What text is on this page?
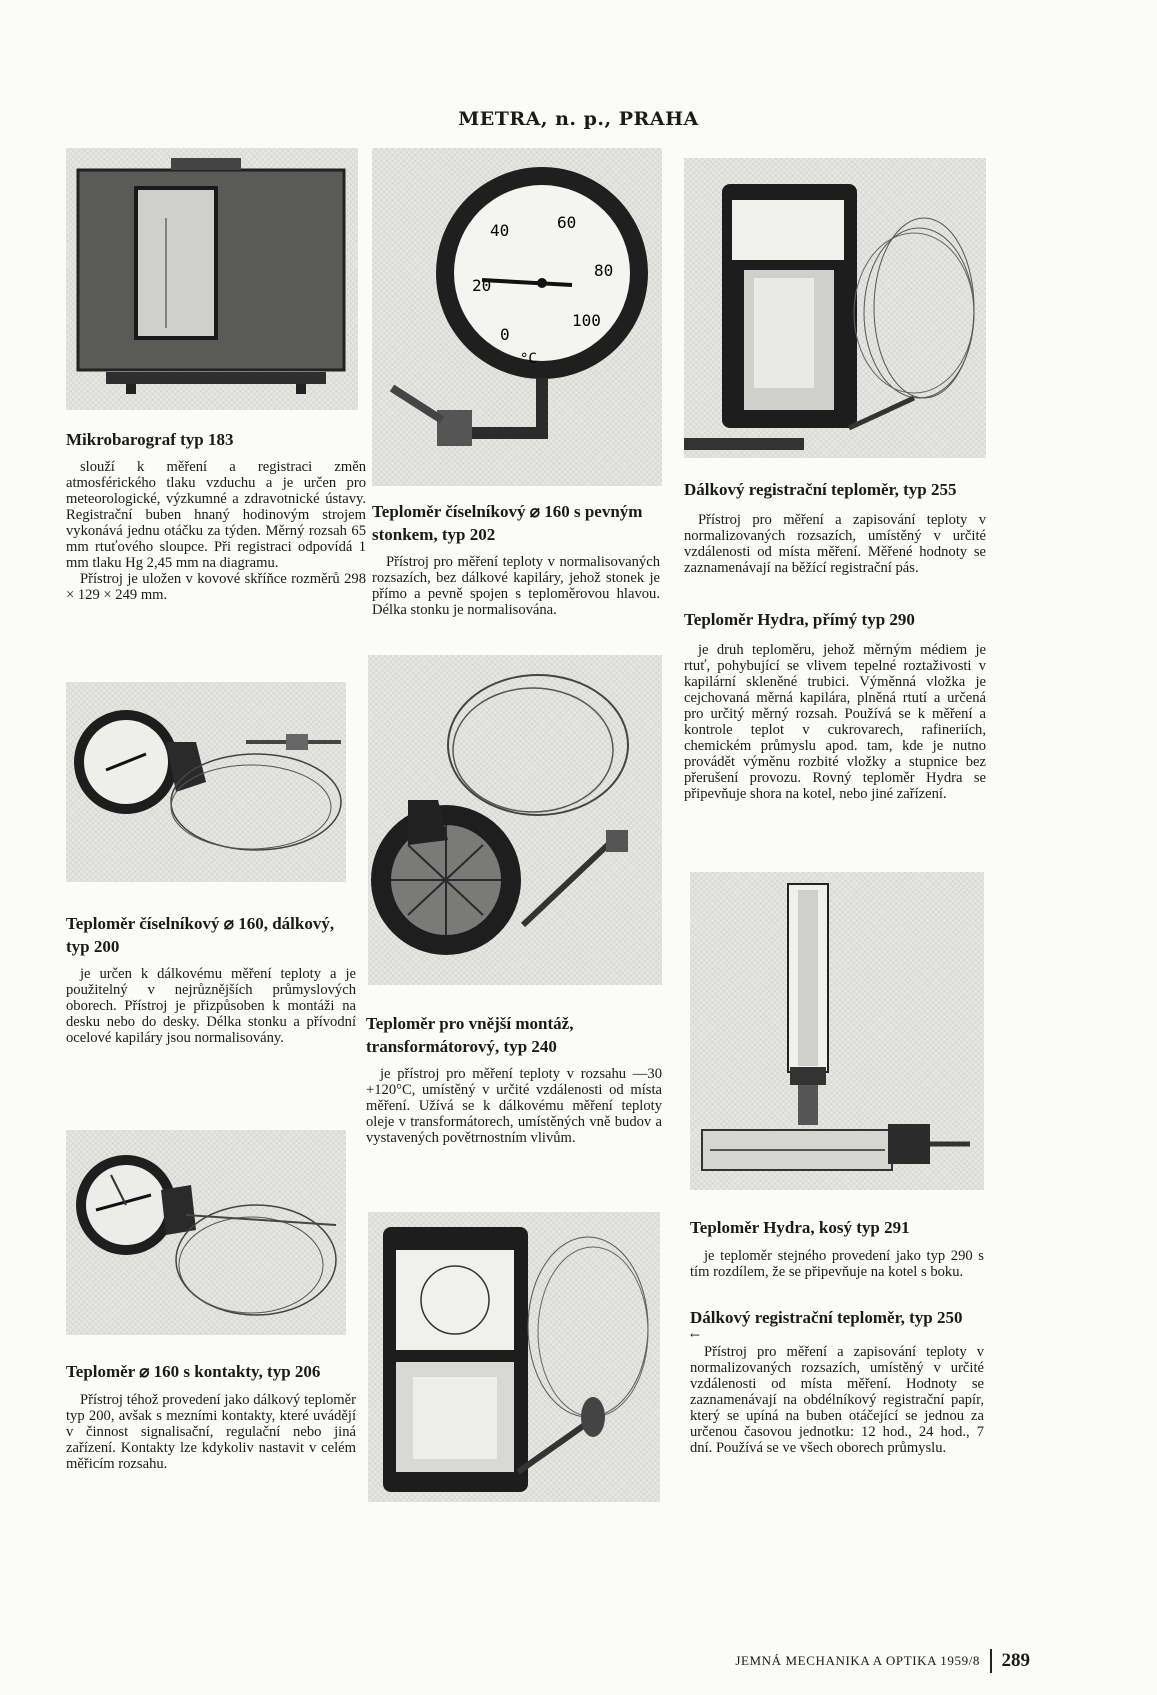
METRA, n. p., PRAHA
Mikrobarograf typ 183
slouží k měření a registraci změn atmosférického tlaku vzduchu a je určen pro meteorologické, výzkumné a zdravotnické ústavy. Registrační buben hnaný hodinovým strojem vykonává jednu otáčku za týden. Měrný rozsah 65 mm rtuťového sloupce. Při registraci odpovídá 1 mm tlaku Hg 2,45 mm na diagramu.
Přístroj je uložen v kovové skříňce rozměrů 298 × 129 × 249 mm.
40	60
20
80
0
100
°C
Teploměr číselníkový ⌀ 160 s pevným stonkem, typ 202
Přístroj pro měření teploty v normalisovaných rozsazích, bez dálkové kapiláry, jehož stonek je přímo a pevně spojen s teploměrovou hlavou. Délka stonku je normalisována.
Dálkový registrační teploměr, typ 255
Přístroj pro měření a zapisování teploty v normalizovaných rozsazích, umístěný v určité vzdálenosti od místa měření. Měřené hodnoty se zaznamenávají na běžící registrační pás.
Teploměr Hydra, přímý typ 290
je druh teploměru, jehož měrným médiem je rtuť, pohybující se vlivem tepelné roztaživosti v kapilární skleněné trubici. Výměnná vložka je cejchovaná měrná kapilára, plněná rtutí a určená pro určitý měrný rozsah. Používá se k měření a kontrole teplot v cukrovarech, rafineriích, chemickém průmyslu apod. tam, kde je nutno provádět výměnu rozbité vložky a stupnice bez přerušení provozu. Rovný teploměr Hydra se připevňuje shora na kotel, nebo jiné zařízení.
Teploměr číselníkový ⌀ 160, dálkový, typ 200
je určen k dálkovému měření teploty a je použitelný v nejrůznějších průmyslových oborech. Přístroj je přizpůsoben k montáži na desku nebo do desky. Délka stonku a přívodní ocelové kapiláry jsou normalisovány.
Teploměr pro vnější montáž, transformátorový, typ 240
je přístroj pro měření teploty v rozsahu —30 +120°C, umístěný v určité vzdálenosti od místa měření. Užívá se k dálkovému měření teploty oleje v transformátorech, umístěných vně budov a vystavených povětrnostním vlivům.
Teploměr Hydra, kosý typ 291
je teploměr stejného provedení jako typ 290 s tím rozdílem, že se připevňuje na kotel s boku.
Dálkový registrační teploměr, typ 250
←
Přístroj pro měření a zapisování teploty v normalizovaných rozsazích, umístěný v určité vzdálenosti od místa měření. Hodnoty se zaznamenávají na obdélníkový registrační papír, který se upíná na buben otáčející se jednou za určenou časovou jednotku: 12 hod., 24 hod., 7 dní. Používá se ve všech oborech průmyslu.
Teploměr ⌀ 160 s kontakty, typ 206
Přístroj téhož provedení jako dálkový teploměr typ 200, avšak s mezními kontakty, které uvádějí v činnost signalisační, regulační nebo jiná zařízení. Kontakty lze kdykoliv nastavit v celém měřicím rozsahu.
JEMNÁ MECHANIKA A OPTIKA 1959/8 289
